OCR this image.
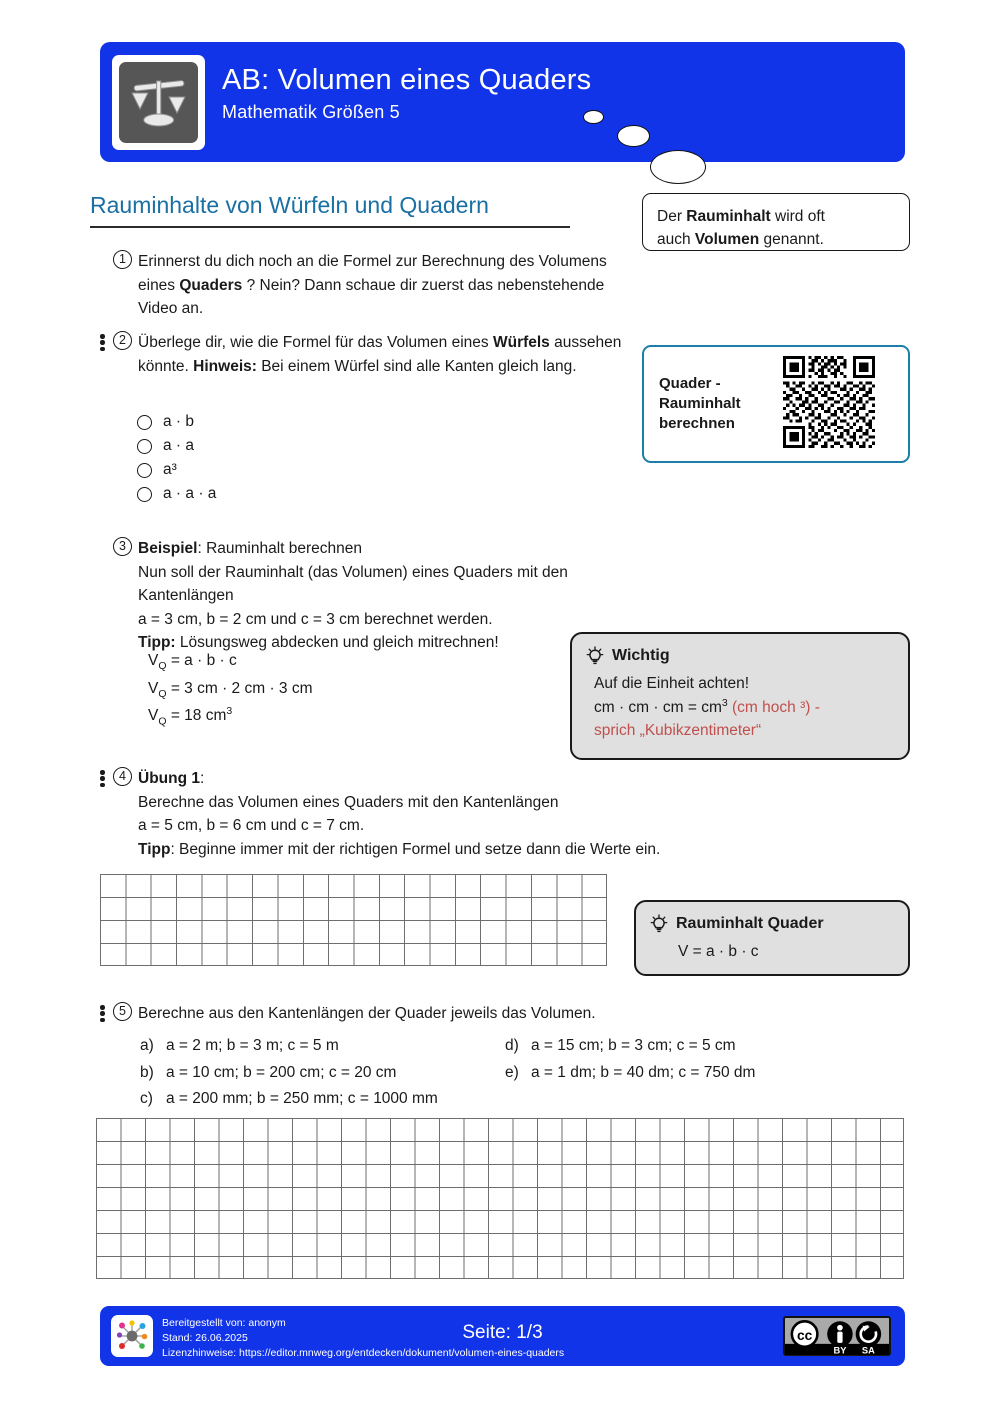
AB: Volumen eines Quaders
Mathematik Größen 5
Rauminhalte von Würfeln und Quadern	Der Rauminhalt wird oft
auch Volumen genannt.
1 Erinnerst du dich noch an die Formel zur Berechnung des Volumens eines Quaders ? Nein? Dann schaue dir zuerst das nebenstehende Video an.
2 Überlege dir, wie die Formel für das Volumen eines Würfels aussehen könnte. Hinweis: Bei einem Würfel sind alle Kanten gleich lang.
a · b
a · a
a³
a · a · a
Quader -
Rauminhalt
berechnen
3 Beispiel: Rauminhalt berechnen
Nun soll der Rauminhalt (das Volumen) eines Quaders mit den Kantenlängen
a = 3 cm, b = 2 cm und c = 3 cm berechnet werden.
Tipp: Lösungsweg abdecken und gleich mitrechnen!
$V_Q = a \cdot b \cdot c$
$V_Q = 3$ cm · 2 cm · 3 cm
$V_Q = 18$ $cm^3$
Wichtig
Auf die Einheit achten!
cm · cm · cm = $cm^3$ (cm hoch ³) -
sprich „Kubikzentimeter“
4 Übung 1:
Berechne das Volumen eines Quaders mit den Kantenlängen
a = 5 cm, b = 6 cm und c = 7 cm.
Tipp: Beginne immer mit der richtigen Formel und setze dann die Werte ein.
Rauminhalt Quader
V = a · b · c
5 Berechne aus den Kantenlängen der Quader jeweils das Volumen.
a) a = 2 m; b = 3 m; c = 5 m
b) a = 10 cm; b = 200 cm; c = 20 cm
c) a = 200 mm; b = 250 mm; c = 1000 mm
d) a = 15 cm; b = 3 cm; c = 5 cm
e) a = 1 dm; b = 40 dm; c = 750 dm
Bereitgestellt von: anonym
Stand: 26.06.2025
Lizenzhinweise: https://editor.mnweg.org/entdecken/dokument/volumen-eines-quaders
Seite: 1/3	cc
BY SA
